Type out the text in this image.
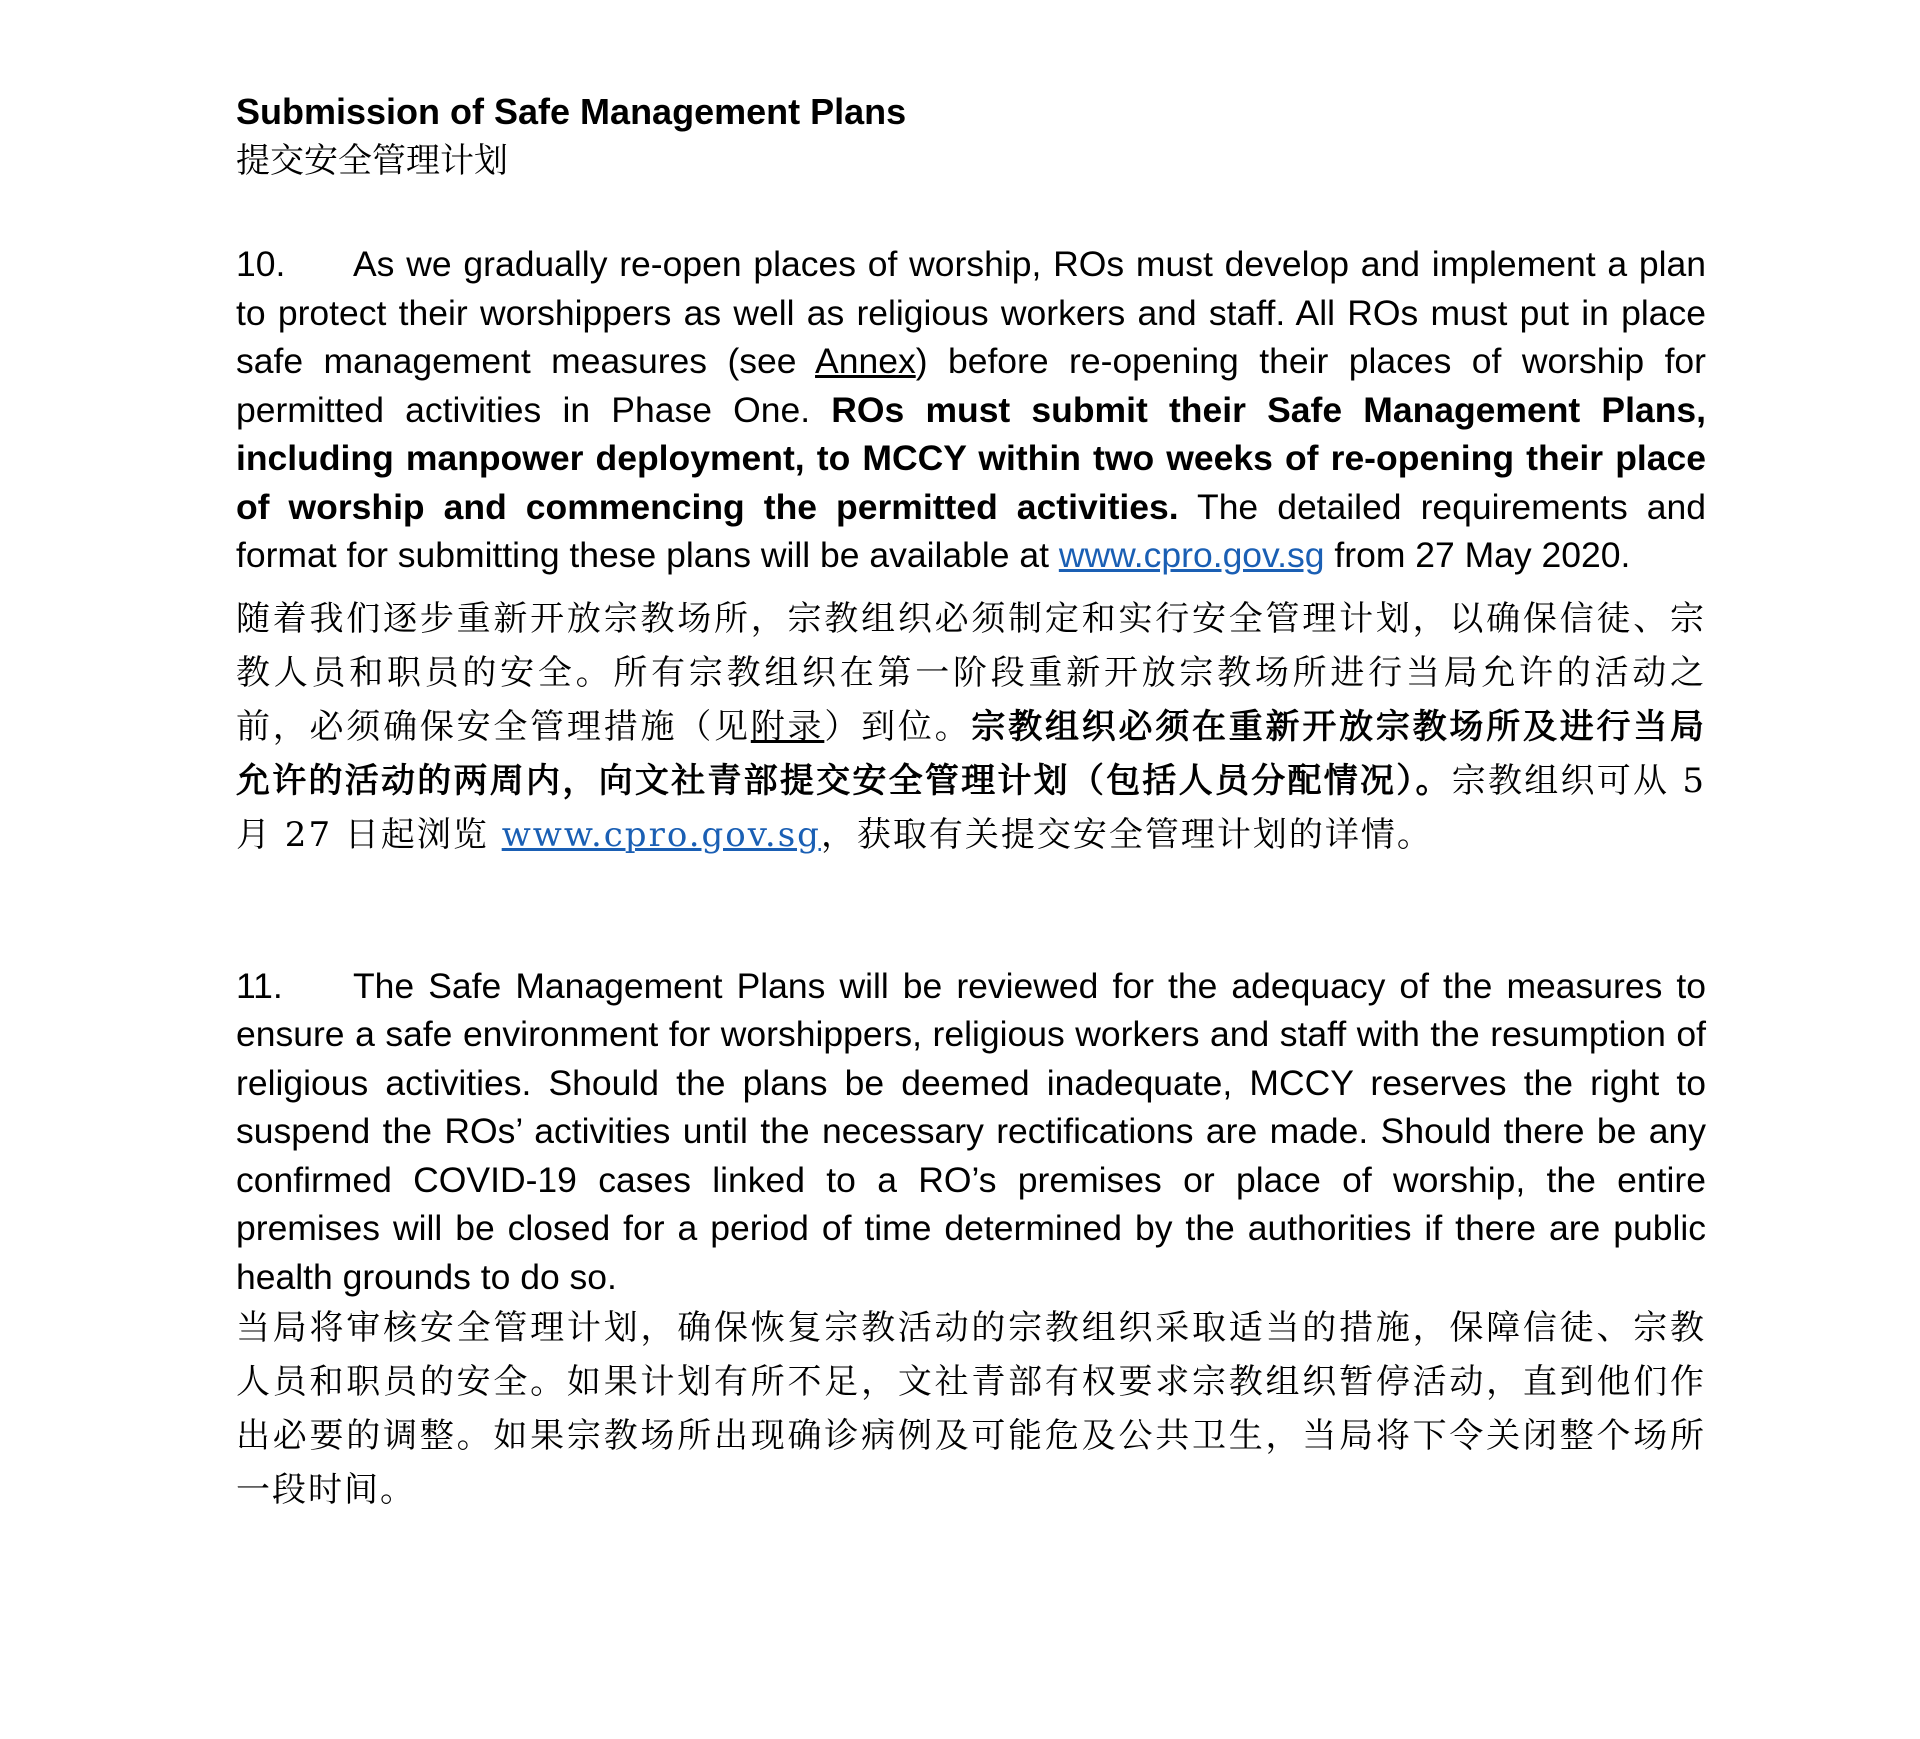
Submission of Safe Management Plans

提交安全管理计划

10. As we gradually re-open places of worship, ROs must develop and implement a plan to protect their worshippers as well as religious workers and staff. All ROs must put in place safe management measures (see Annex) before re-opening their places of worship for permitted activities in Phase One. ROs must submit their Safe Management Plans, including manpower deployment, to MCCY within two weeks of re-opening their place of worship and commencing the permitted activities. The detailed requirements and format for submitting these plans will be available at www.cpro.gov.sg from 27 May 2020.

随着我们逐步重新开放宗教场所，宗教组织必须制定和实行安全管理计划，以确保信徒、宗教人员和职员的安全。所有宗教组织在第一阶段重新开放宗教场所进行当局允许的活动之前，必须确保安全管理措施（见附录）到位。宗教组织必须在重新开放宗教场所及进行当局允许的活动的两周内，向文社青部提交安全管理计划（包括人员分配情况）。宗教组织可从 5 月 27 日起浏览 www.cpro.gov.sg，获取有关提交安全管理计划的详情。

11. The Safe Management Plans will be reviewed for the adequacy of the measures to ensure a safe environment for worshippers, religious workers and staff with the resumption of religious activities. Should the plans be deemed inadequate, MCCY reserves the right to suspend the ROs’ activities until the necessary rectifications are made. Should there be any confirmed COVID-19 cases linked to a RO’s premises or place of worship, the entire premises will be closed for a period of time determined by the authorities if there are public health grounds to do so.

当局将审核安全管理计划，确保恢复宗教活动的宗教组织采取适当的措施，保障信徒、宗教人员和职员的安全。如果计划有所不足，文社青部有权要求宗教组织暂停活动，直到他们作出必要的调整。如果宗教场所出现确诊病例及可能危及公共卫生，当局将下令关闭整个场所一段时间。
